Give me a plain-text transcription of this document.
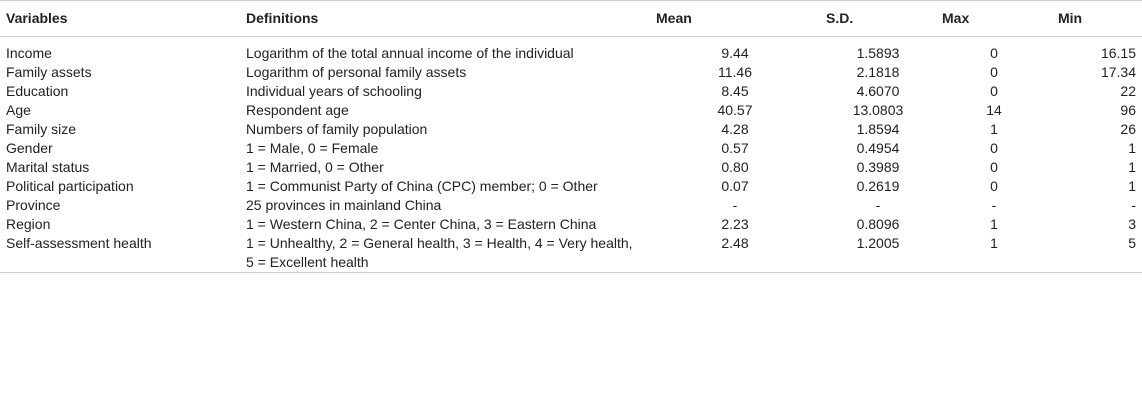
Variables	Definitions	Mean	S.D.	Max	Min
Income	Logarithm of the total annual income of the individual	9.44	1.5893	0	16.15
Family assets	Logarithm of personal family assets	11.46	2.1818	0	17.34
Education	Individual years of schooling	8.45	4.6070	0	22
Age	Respondent age	40.57	13.0803	14	96
Family size	Numbers of family population	4.28	1.8594	1	26
Gender	1 = Male, 0 = Female	0.57	0.4954	0	1
Marital status	1 = Married, 0 = Other	0.80	0.3989	0	1
Political participation	1 = Communist Party of China (CPC) member; 0 = Other	0.07	0.2619	0	1
Province	25 provinces in mainland China	-	-	-	-
Region	1 = Western China, 2 = Center China, 3 = Eastern China	2.23	0.8096	1	3
Self-assessment health	1 = Unhealthy, 2 = General health, 3 = Health, 4 = Very health, 5 = Excellent health	2.48	1.2005	1	5
